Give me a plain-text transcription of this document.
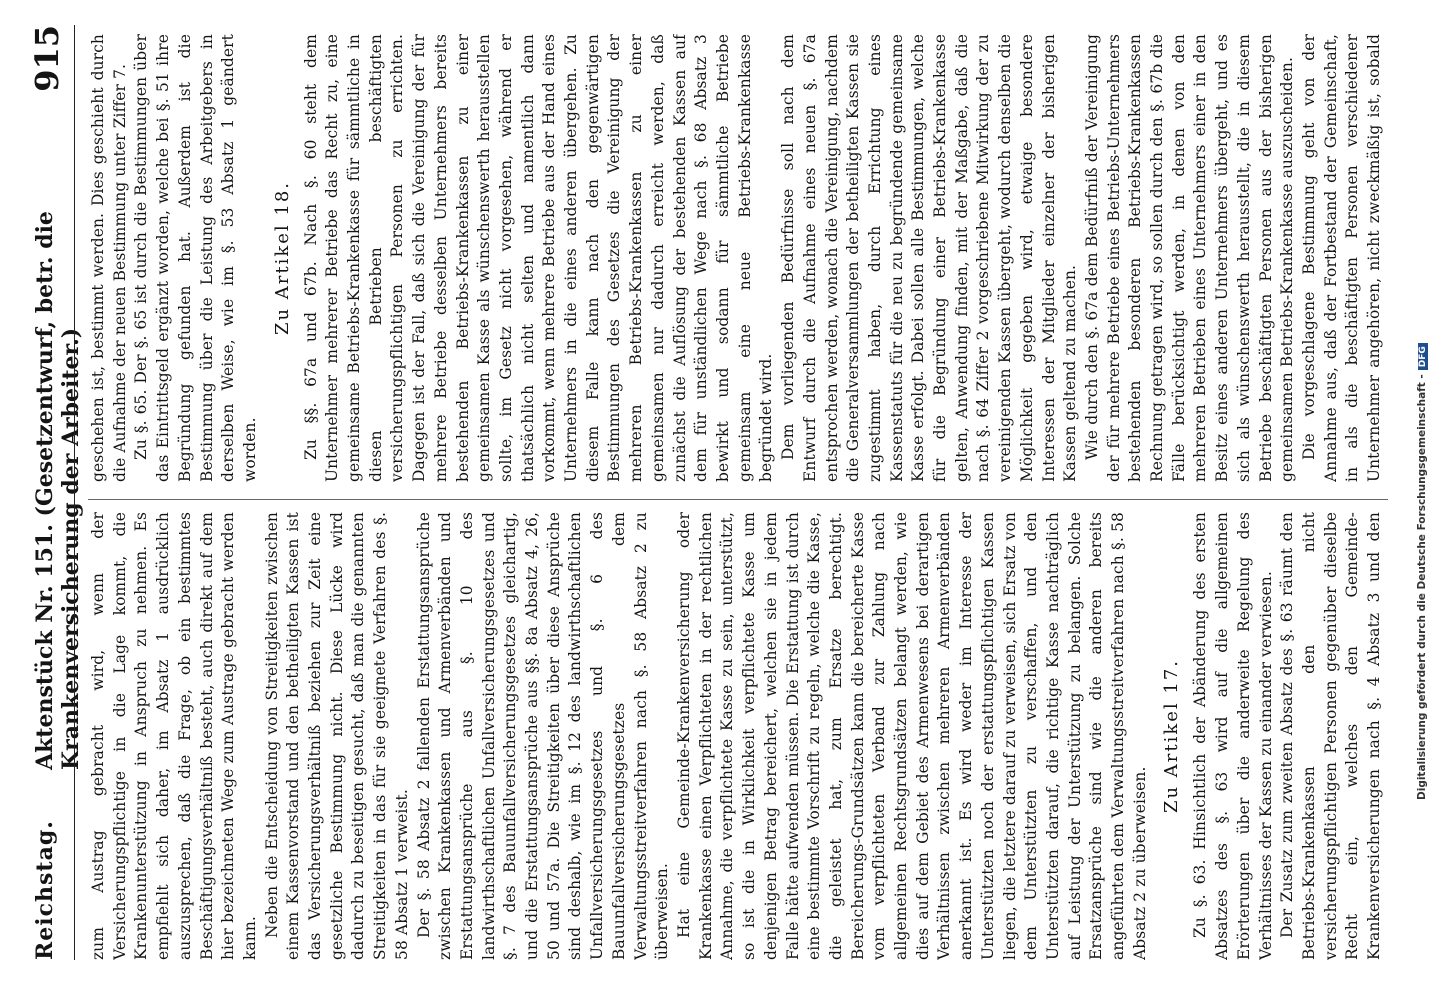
Reichstag.
Aktenstück Nr. 151. (Gesetzentwurf, betr. die Krankenversicherung der Arbeiter.)
915

zum Austrag gebracht wird, wenn der Versicherungspflichtige in die Lage kommt, die Krankenunterstützung in Anspruch zu nehmen. Es empfiehlt sich daher, im Absatz 1 ausdrücklich auszusprechen, daß die Frage, ob ein bestimmtes Beschäftigungsverhältniß besteht, auch direkt auf dem hier bezeichneten Wege zum Austrage gebracht werden kann.

Neben die Entscheidung von Streitigkeiten zwischen einem Kassenvorstand und den betheiligten Kassen ist das Versicherungsverhältniß beziehen zur Zeit eine gesetzliche Bestimmung nicht. Diese Lücke wird dadurch zu beseitigen gesucht, daß man die genannten Streitigkeiten in das für sie geeignete Verfahren des §. 58 Absatz 1 verweist. Der §. 58 Absatz 2 fallenden Erstattungsansprüche zwischen Krankenkassen und Armenverbänden und Erstattungsansprüche aus §. 10 des landwirthschaftlichen Unfallversicherungsgesetzes und §. 7 des Bauunfallversicherungsgesetzes gleichartig, und die Erstattungsansprüche aus §§. 8a Absatz 4, 26, 50 und 57a. Die Streitigkeiten über diese Ansprüche sind deshalb, wie im §. 12 des landwirthschaftlichen Unfallversicherungsgesetzes und §. 6 des Bauunfallversicherungsgesetzes dem Verwaltungsstreitverfahren nach §. 58 Absatz 2 zu überweisen. Hat eine Gemeinde-Krankenversicherung oder Krankenkasse einen Verpflichteten in der rechtlichen Annahme, die verpflichtete Kasse zu sein, unterstützt, so ist die in Wirklichkeit verpflichtete Kasse um denjenigen Betrag bereichert, welchen sie in jedem Falle hätte aufwenden müssen. Die Erstattung ist durch eine bestimmte Vorschrift zu regeln, welche die Kasse, die geleistet hat, zum Ersatze berechtigt. Bereicherungs-Grundsätzen kann die bereicherte Kasse vom verpflichteten Verband zur Zahlung nach allgemeinen Rechtsgrundsätzen belangt werden, wie dies auf dem Gebiet des Armenwesens bei derartigen Verhältnissen zwischen mehreren Armenverbänden anerkannt ist. Es wird weder im Interesse der Unterstützten noch der erstattungspflichtigen Kassen liegen, die letztere darauf zu verweisen, sich Ersatz von dem Unterstützten zu verschaffen, und den Unterstützten darauf, die richtige Kasse nachträglich auf Leistung der Unterstützung zu belangen. Solche Ersatzansprüche sind wie die anderen bereits angeführten dem Verwaltungsstreitverfahren nach §. 58 Absatz 2 zu überweisen.

Zu Artikel 17. Zu §. 63. Hinsichtlich der Abänderung des ersten Absatzes des §. 63 wird auf die allgemeinen Erörterungen über die anderweite Regelung des Verhältnisses der Kassen zu einander verwiesen. Der Zusatz zum zweiten Absatz des §. 63 räumt den Betriebs-Krankenkassen den nicht versicherungspflichtigen Personen gegenüber dieselbe Recht ein, welches den Gemeinde-Krankenversicherungen nach §. 4 Absatz 3 und den

geschehen ist, bestimmt werden. Dies geschieht durch die Aufnahme der neuen Bestimmung unter Ziffer 7. Zu §. 65. Der §. 65 ist durch die Bestimmungen über das Eintrittsgeld ergänzt worden, welche bei §. 51 ihre Begründung gefunden hat. Außerdem ist die Bestimmung über die Leistung des Arbeitgebers in derselben Weise, wie im §. 53 Absatz 1 geändert worden.

Zu Artikel 18. Zu §§. 67a und 67b. Nach §. 60 steht dem Unternehmer mehrerer Betriebe das Recht zu, eine gemeinsame Betriebs-Krankenkasse für sämmtliche in diesen Betrieben beschäftigten versicherungspflichtigen Personen zu errichten. Dagegen ist der Fall, daß sich die Vereinigung der für mehrere Betriebe desselben Unternehmers bereits bestehenden Betriebs-Krankenkassen zu einer gemeinsamen Kasse als wünschenswerth herausstellen sollte, im Gesetz nicht vorgesehen, während er thatsächlich nicht selten und namentlich dann vorkommt, wenn mehrere Betriebe aus der Hand eines Unternehmers in die eines anderen übergehen. Zu diesem Falle kann nach den gegenwärtigen Bestimmungen des Gesetzes die Vereinigung der mehreren Betriebs-Krankenkassen zu einer gemeinsamen nur dadurch erreicht werden, daß zunächst die Auflösung der bestehenden Kassen auf dem für unständlichen Wege nach §. 68 Absatz 3 bewirkt und sodann für sämmtliche Betriebe gemeinsam eine neue Betriebs-Krankenkasse begründet wird. Dem vorliegenden Bedürfnisse soll nach dem Entwurf durch die Aufnahme eines neuen §. 67a entsprochen werden, wonach die Vereinigung, nachdem die Generalversammlungen der betheiligten Kassen sie zugestimmt haben, durch Errichtung eines Kassenstatuts für die neu zu begründende gemeinsame Kasse erfolgt. Dabei sollen alle Bestimmungen, welche für die Begründung einer Betriebs-Krankenkasse gelten, Anwendung finden, mit der Maßgabe, daß die nach §. 64 Ziffer 2 vorgeschriebene Mitwirkung der zu vereinigenden Kassen übergeht, wodurch denselben die Möglichkeit gegeben wird, etwaige besondere Interessen der Mitglieder einzelner der bisherigen Kassen geltend zu machen. Wie durch den §. 67a dem Bedürfniß der Vereinigung der für mehrere Betriebe eines Betriebs-Unternehmers bestehenden besonderen Betriebs-Krankenkassen Rechnung getragen wird, so sollen durch den §. 67b die Fälle berücksichtigt werden, in denen von den mehreren Betrieben eines Unternehmers einer in den Besitz eines anderen Unternehmers übergeht, und es sich als wünschenswerth herausstellt, die in diesem Betriebe beschäftigten Personen aus der bisherigen gemeinsamen Betriebs-Krankenkasse auszuscheiden. Die vorgeschlagene Bestimmung geht von der Annahme aus, daß der Fortbestand der Gemeinschaft, in als die beschäftigten Personen verschiedener Unternehmer angehören, nicht zweckmäßig ist, sobald

Digitalisierung gefördert durch die Deutsche Forschungsgemeinschaft -DFG
